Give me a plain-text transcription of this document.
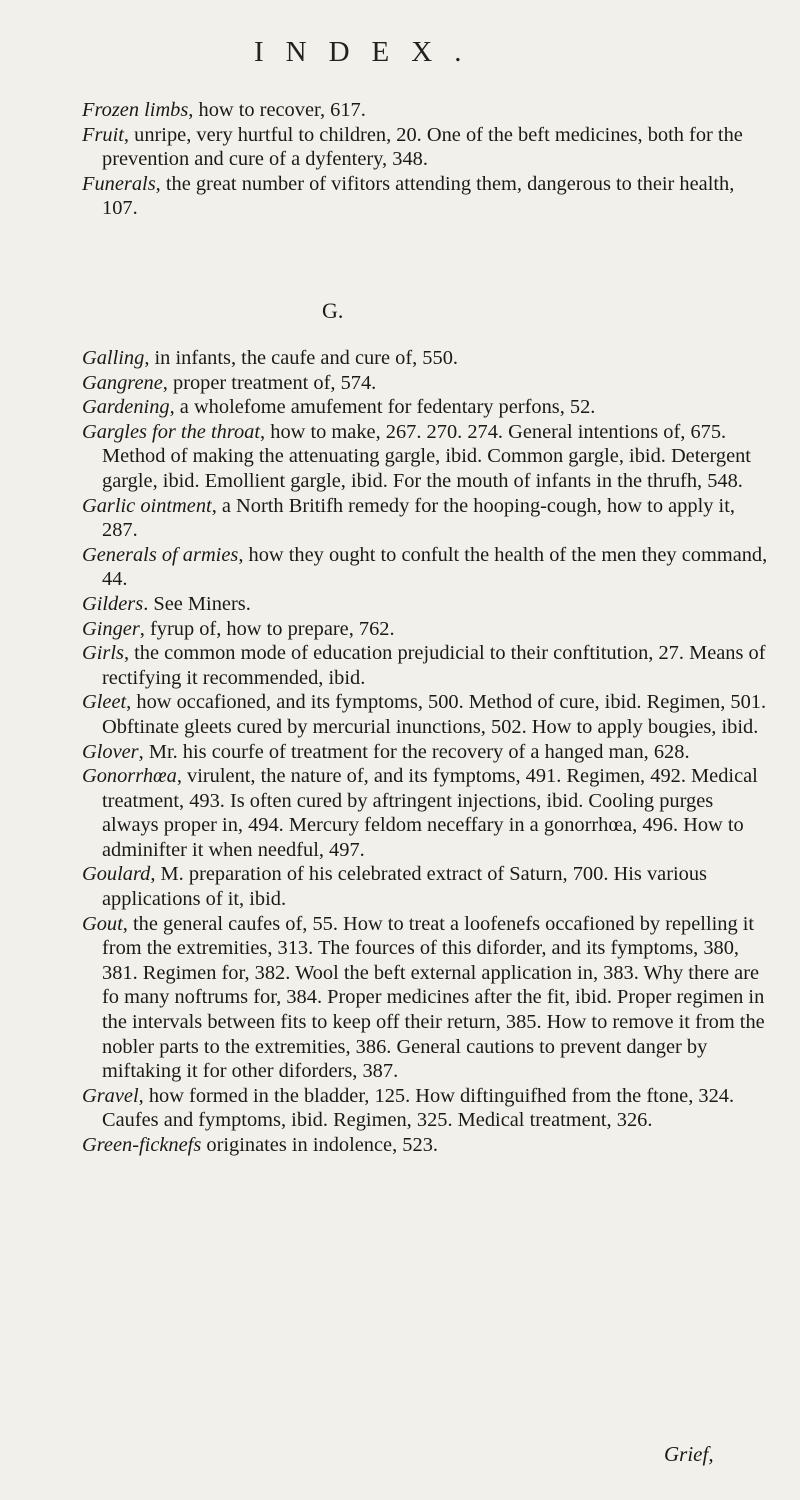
INDEX.

Frozen limbs, how to recover, 617.

Fruit, unripe, very hurtful to children, 20. One of the beft medicines, both for the prevention and cure of a dyfentery, 348.

Funerals, the great number of vifitors attending them, dangerous to their health, 107.

G.

Galling, in infants, the caufe and cure of, 550.

Gangrene, proper treatment of, 574.

Gardening, a wholefome amufement for fedentary perfons, 52.

Gargles for the throat, how to make, 267. 270. 274. General intentions of, 675. Method of making the attenuating gargle, ibid. Common gargle, ibid. Detergent gargle, ibid. Emollient gargle, ibid. For the mouth of infants in the thrufh, 548.

Garlic ointment, a North Britifh remedy for the hooping-cough, how to apply it, 287.

Generals of armies, how they ought to confult the health of the men they command, 44.

Gilders. See Miners.

Ginger, fyrup of, how to prepare, 762.

Girls, the common mode of education prejudicial to their conftitution, 27. Means of rectifying it recommended, ibid.

Gleet, how occafioned, and its fymptoms, 500. Method of cure, ibid. Regimen, 501. Obftinate gleets cured by mercurial inunctions, 502. How to apply bougies, ibid.

Glover, Mr. his courfe of treatment for the recovery of a hanged man, 628.

Gonorrhœa, virulent, the nature of, and its fymptoms, 491. Regimen, 492. Medical treatment, 493. Is often cured by aftringent injections, ibid. Cooling purges always proper in, 494. Mercury feldom neceffary in a gonorrhœa, 496. How to adminifter it when needful, 497.

Goulard, M. preparation of his celebrated extract of Saturn, 700. His various applications of it, ibid.

Gout, the general caufes of, 55. How to treat a loofenefs occafioned by repelling it from the extremities, 313. The fources of this diforder, and its fymptoms, 380, 381. Regimen for, 382. Wool the beft external application in, 383. Why there are fo many noftrums for, 384. Proper medicines after the fit, ibid. Proper regimen in the intervals between fits to keep off their return, 385. How to remove it from the nobler parts to the extremities, 386. General cautions to prevent danger by miftaking it for other diforders, 387.

Gravel, how formed in the bladder, 125. How diftinguifhed from the ftone, 324. Caufes and fymptoms, ibid. Regimen, 325. Medical treatment, 326.

Green-ficknefs originates in indolence, 523.

Grief,
